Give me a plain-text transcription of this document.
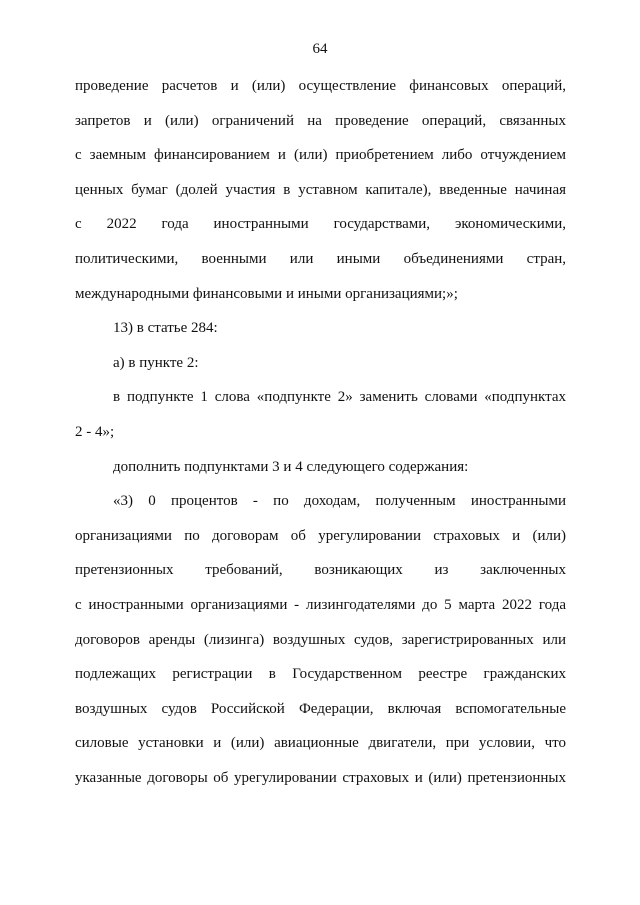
64
проведение расчетов и (или) осуществление финансовых операций,
запретов и (или) ограничений на проведение операций, связанных
с заемным финансированием и (или) приобретением либо отчуждением
ценных бумаг (долей участия в уставном капитале), введенные начиная
с 2022 года иностранными государствами, экономическими,
политическими, военными или иными объединениями стран,
международными финансовыми и иными организациями;»;
13) в статье 284:
а) в пункте 2:
в подпункте 1 слова «подпункте 2» заменить словами «подпунктах
2 - 4»;
дополнить подпунктами 3 и 4 следующего содержания:
«3) 0 процентов - по доходам, полученным иностранными
организациями по договорам об урегулировании страховых и (или)
претензионных требований, возникающих из заключенных
с иностранными организациями - лизингодателями до 5 марта 2022 года
договоров аренды (лизинга) воздушных судов, зарегистрированных или
подлежащих регистрации в Государственном реестре гражданских
воздушных судов Российской Федерации, включая вспомогательные
силовые установки и (или) авиационные двигатели, при условии, что
указанные договоры об урегулировании страховых и (или) претензионных
